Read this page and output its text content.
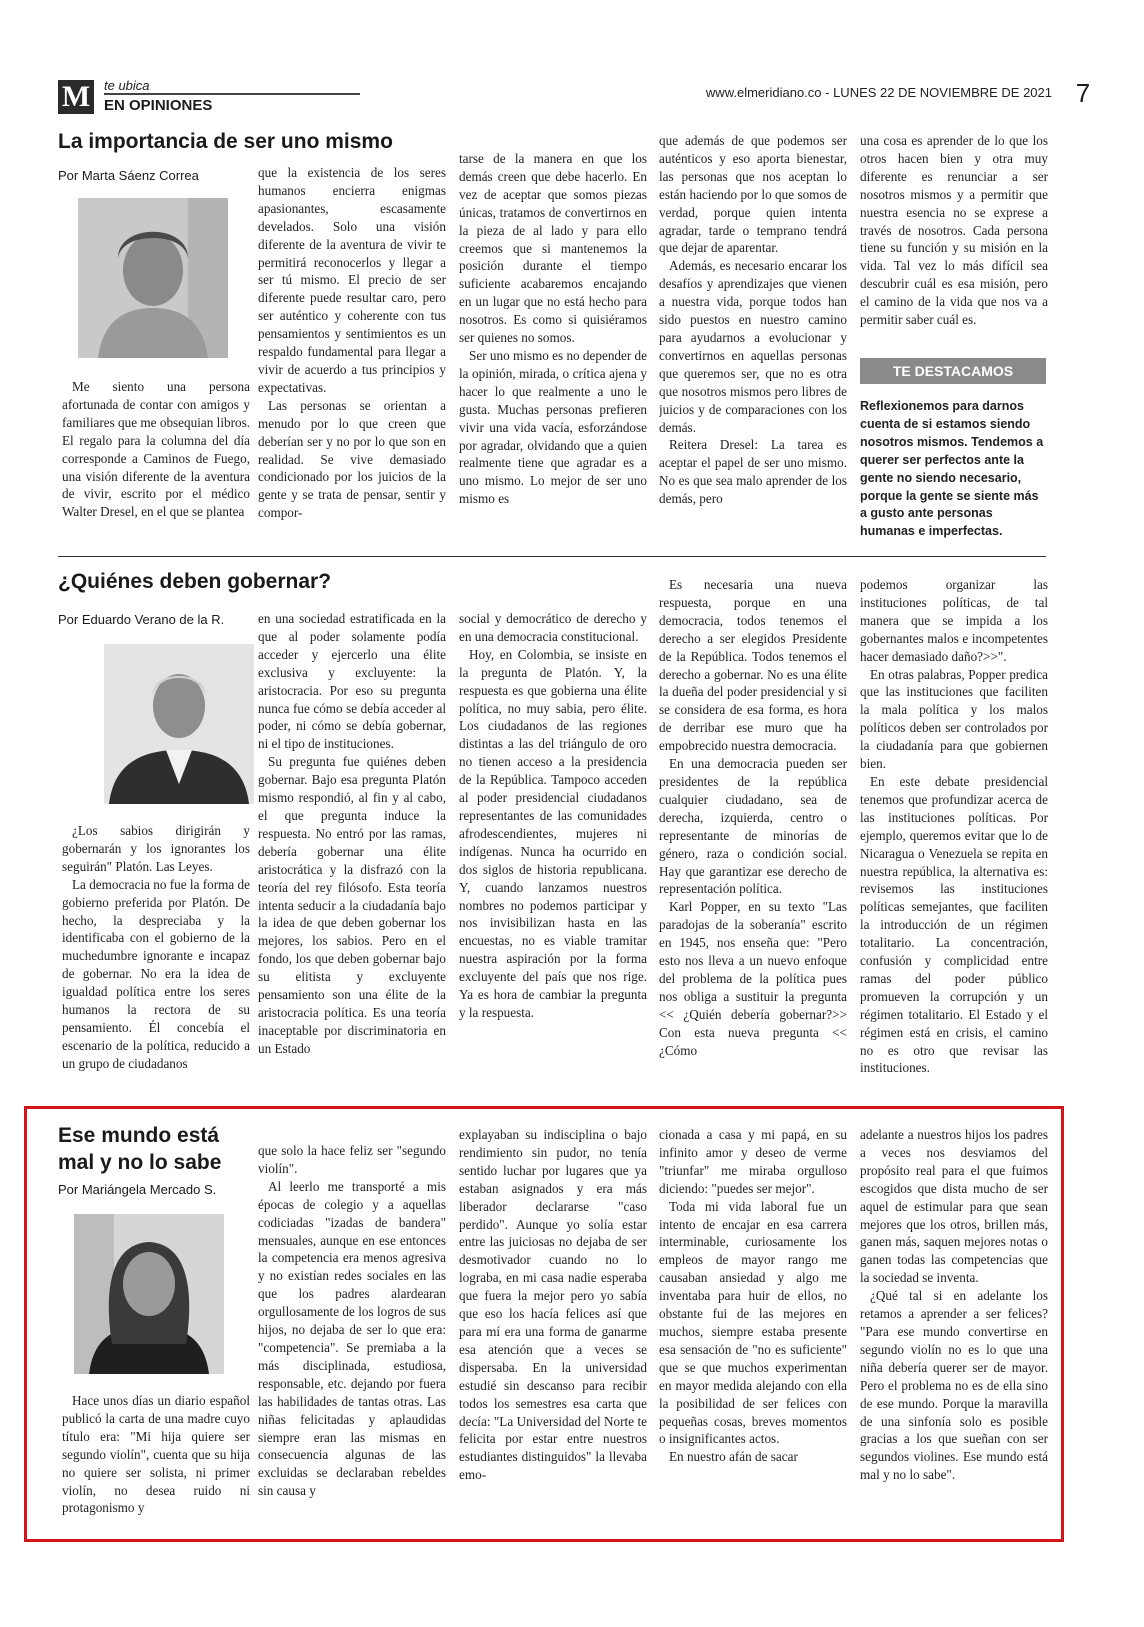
M te ubica
EN OPINIONES
www.elmeridiano.co - LUNES 22 DE NOVIEMBRE DE 2021 7
La importancia de ser uno mismo
Por Marta Sáenz Correa

Me siento una persona afortunada de contar con amigos y familiares que me obsequian libros. El regalo para la columna del día corresponde a Caminos de Fuego, una visión diferente de la aventura de vivir, escrito por el médico Walter Dresel, en el que se plantea

que la existencia de los seres humanos encierra enigmas apasionantes, escasamente develados. Solo una visión diferente de la aventura de vivir te permitirá reconocerlos y llegar a ser tú mismo. El precio de ser diferente puede resultar caro, pero ser auténtico y coherente con tus pensamientos y sentimientos es un respaldo fundamental para llegar a vivir de acuerdo a tus principios y expectativas.

Las personas se orientan a menudo por lo que creen que deberían ser y no por lo que son en realidad. Se vive demasiado condicionado por los juicios de la gente y se trata de pensar, sentir y compor-

tarse de la manera en que los demás creen que debe hacerlo. En vez de aceptar que somos piezas únicas, tratamos de convertirnos en la pieza de al lado y para ello creemos que si mantenemos la posición durante el tiempo suficiente acabaremos encajando en un lugar que no está hecho para nosotros. Es como si quisiéramos ser quienes no somos.

Ser uno mismo es no depender de la opinión, mirada, o crítica ajena y hacer lo que realmente a uno le gusta. Muchas personas prefieren vivir una vida vacía, esforzándose por agradar, olvidando que a quien realmente tiene que agradar es a uno mismo. Lo mejor de ser uno mismo es

que además de que podemos ser auténticos y eso aporta bienestar, las personas que nos aceptan lo están haciendo por lo que somos de verdad, porque quien intenta agradar, tarde o temprano tendrá que dejar de aparentar.

Además, es necesario encarar los desafíos y aprendizajes que vienen a nuestra vida, porque todos han sido puestos en nuestro camino para ayudarnos a evolucionar y convertirnos en aquellas personas que queremos ser, que no es otra que nosotros mismos pero libres de juicios y de comparaciones con los demás.

Reitera Dresel: La tarea es aceptar el papel de ser uno mismo. No es que sea malo aprender de los demás, pero

una cosa es aprender de lo que los otros hacen bien y otra muy diferente es renunciar a ser nosotros mismos y a permitir que nuestra esencia no se exprese a través de nosotros. Cada persona tiene su función y su misión en la vida. Tal vez lo más difícil sea descubrir cuál es esa misión, pero el camino de la vida que nos va a permitir saber cuál es.

TE DESTACAMOS
Reflexionemos para darnos cuenta de si estamos siendo nosotros mismos. Tendemos a querer ser perfectos ante la gente no siendo necesario, porque la gente se siente más a gusto ante personas humanas e imperfectas.
¿Quiénes deben gobernar?
Por Eduardo Verano de la R.

¿Los sabios dirigirán y gobernarán y los ignorantes los seguirán" Platón. Las Leyes.

La democracia no fue la forma de gobierno preferida por Platón. De hecho, la despreciaba y la identificaba con el gobierno de la muchedumbre ignorante e incapaz de gobernar. No era la idea de igualdad política entre los seres humanos la rectora de su pensamiento. Él concebía el escenario de la política, reducido a un grupo de ciudadanos

en una sociedad estratificada en la que al poder solamente podía acceder y ejercerlo una élite exclusiva y excluyente: la aristocracia. Por eso su pregunta nunca fue cómo se debía acceder al poder, ni cómo se debía gobernar, ni el tipo de instituciones.

Su pregunta fue quiénes deben gobernar. Bajo esa pregunta Platón mismo respondió, al fin y al cabo, el que pregunta induce la respuesta. No entró por las ramas, debería gobernar una élite aristocrática y la disfrazó con la teoría del rey filósofo. Esta teoría intenta seducir a la ciudadanía bajo la idea de que deben gobernar los mejores, los sabios. Pero en el fondo, los que deben gobernar bajo su elitista y excluyente pensamiento son una élite de la aristocracia política. Es una teoría inaceptable por discriminatoria en un Estado

social y democrático de derecho y en una democracia constitucional.

Hoy, en Colombia, se insiste en la pregunta de Platón. Y, la respuesta es que gobierna una élite política, no muy sabia, pero élite. Los ciudadanos de las regiones distintas a las del triángulo de oro no tienen acceso a la presidencia de la República. Tampoco acceden al poder presidencial ciudadanos representantes de las comunidades afrodescendientes, mujeres ni indígenas. Nunca ha ocurrido en dos siglos de historia republicana. Y, cuando lanzamos nuestros nombres no podemos participar y nos invisibilizan hasta en las encuestas, no es viable tramitar nuestra aspiración por la forma excluyente del país que nos rige. Ya es hora de cambiar la pregunta y la respuesta.

Es necesaria una nueva respuesta, porque en una democracia, todos tenemos el derecho a ser elegidos Presidente de la República. Todos tenemos el derecho a gobernar. No es una élite la dueña del poder presidencial y si se considera de esa forma, es hora de derribar ese muro que ha empobrecido nuestra democracia.

En una democracia pueden ser presidentes de la república cualquier ciudadano, sea de derecha, izquierda, centro o representante de minorías de género, raza o condición social. Hay que garantizar ese derecho de representación política.

Karl Popper, en su texto "Las paradojas de la soberanía" escrito en 1945, nos enseña que: "Pero esto nos lleva a un nuevo enfoque del problema de la política pues nos obliga a sustituir la pregunta << ¿Quién debería gobernar?>> Con esta nueva pregunta << ¿Cómo

podemos organizar las instituciones políticas, de tal manera que se impida a los gobernantes malos e incompetentes hacer demasiado daño?>>".

En otras palabras, Popper predica que las instituciones que faciliten la mala política y los malos políticos deben ser controlados por la ciudadanía para que gobiernen bien.

En este debate presidencial tenemos que profundizar acerca de las instituciones políticas. Por ejemplo, queremos evitar que lo de Nicaragua o Venezuela se repita en nuestra república, la alternativa es: revisemos las instituciones políticas semejantes, que faciliten la introducción de un régimen totalitario. La concentración, confusión y complicidad entre ramas del poder público promueven la corrupción y un régimen totalitario. El Estado y el régimen está en crisis, el camino no es otro que revisar las instituciones.

Ese mundo está mal y no lo sabe
Por Mariángela Mercado S.

Hace unos días un diario español publicó la carta de una madre cuyo título era: "Mi hija quiere ser segundo violín", cuenta que su hija no quiere ser solista, ni primer violín, no desea ruido ni protagonismo y

que solo la hace feliz ser "segundo violín".

Al leerlo me transporté a mis épocas de colegio y a aquellas codiciadas "izadas de bandera" mensuales, aunque en ese entonces la competencia era menos agresiva y no existían redes sociales en las que los padres alardearan orgullosamente de los logros de sus hijos, no dejaba de ser lo que era: "competencia". Se premiaba a la más disciplinada, estudiosa, responsable, etc. dejando por fuera las habilidades de tantas otras. Las niñas felicitadas y aplaudidas siempre eran las mismas en consecuencia algunas de las excluidas se declaraban rebeldes sin causa y

explayaban su indisciplina o bajo rendimiento sin pudor, no tenía sentido luchar por lugares que ya estaban asignados y era más liberador declararse "caso perdido". Aunque yo solía estar entre las juiciosas no dejaba de ser desmotivador cuando no lo lograba, en mi casa nadie esperaba que fuera la mejor pero yo sabía que eso los hacía felices así que para mí era una forma de ganarme esa atención que a veces se dispersaba. En la universidad estudié sin descanso para recibir todos los semestres esa carta que decía: "La Universidad del Norte te felicita por estar entre nuestros estudiantes distinguidos" la llevaba emo-

cionada a casa y mi papá, en su infinito amor y deseo de verme "triunfar" me miraba orgulloso diciendo: "puedes ser mejor".

Toda mi vida laboral fue un intento de encajar en esa carrera interminable, curiosamente los empleos de mayor rango me causaban ansiedad y algo me inventaba para huir de ellos, no obstante fui de las mejores en muchos, siempre estaba presente esa sensación de "no es suficiente" que se que muchos experimentan en mayor medida alejando con ella la posibilidad de ser felices con pequeñas cosas, breves momentos o insignificantes actos.

En nuestro afán de sacar

adelante a nuestros hijos los padres a veces nos desviamos del propósito real para el que fuimos escogidos que dista mucho de ser aquel de estimular para que sean mejores que los otros, brillen más, ganen más, saquen mejores notas o ganen todas las competencias que la sociedad se inventa.

¿Qué tal si en adelante los retamos a aprender a ser felices? "Para ese mundo convertirse en segundo violín no es lo que una niña debería querer ser de mayor. Pero el problema no es de ella sino de ese mundo. Porque la maravilla de una sinfonía solo es posible gracias a los que sueñan con ser segundos violines. Ese mundo está mal y no lo sabe".
